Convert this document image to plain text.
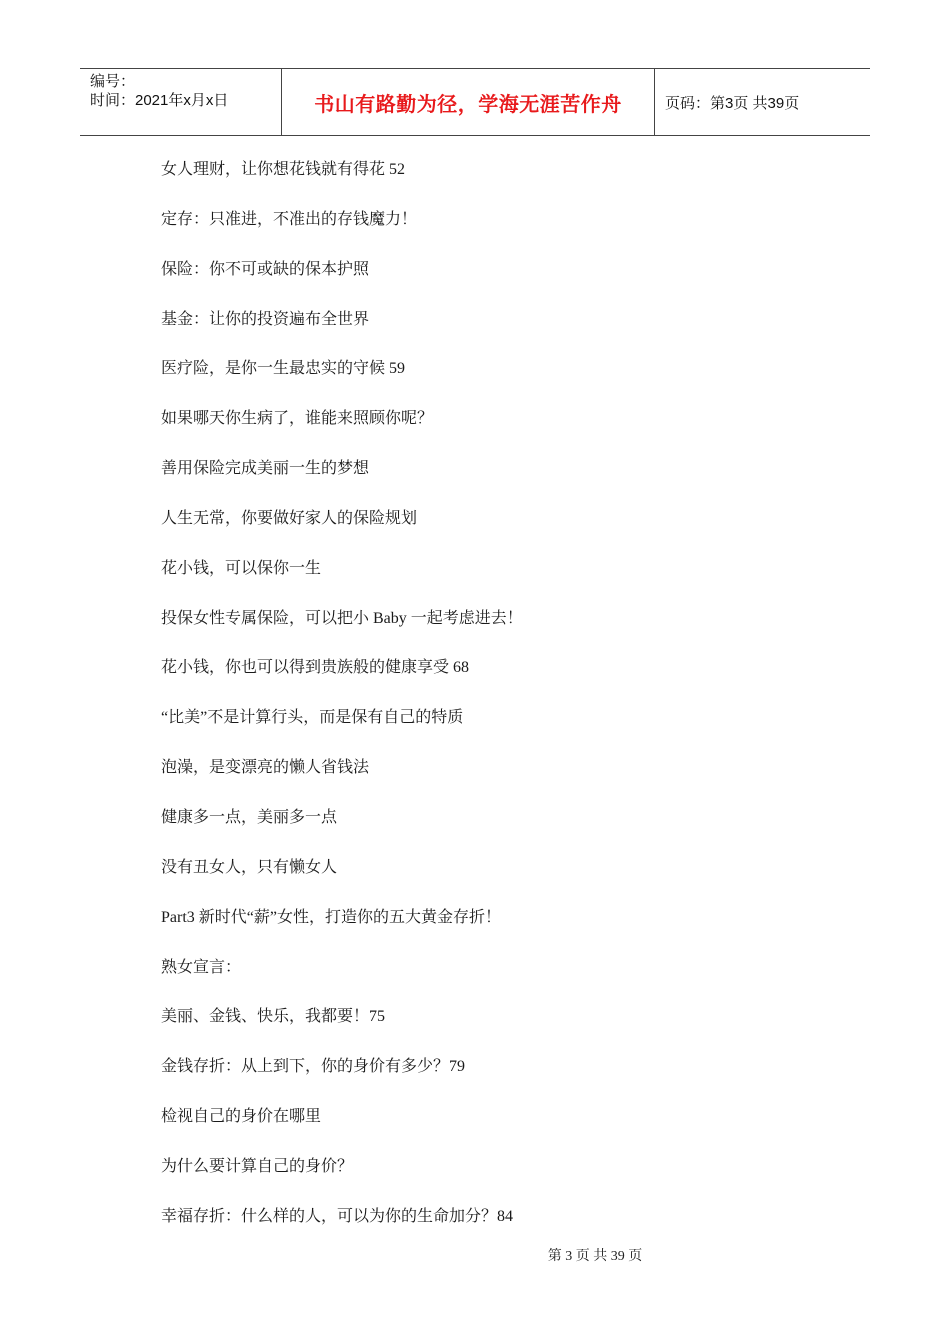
编号：
时间：2021年x月x日	书山有路勤为径，学海无涯苦作舟	页码：第3页 共39页
女人理财，让你想花钱就有得花 52
定存：只准进，不准出的存钱魔力！
保险：你不可或缺的保本护照
基金：让你的投资遍布全世界
医疗险，是你一生最忠实的守候 59
如果哪天你生病了，谁能来照顾你呢？
善用保险完成美丽一生的梦想
人生无常，你要做好家人的保险规划
花小钱，可以保你一生
投保女性专属保险，可以把小 Baby 一起考虑进去！
花小钱，你也可以得到贵族般的健康享受 68
“比美”不是计算行头，而是保有自己的特质
泡澡，是变漂亮的懒人省钱法
健康多一点，美丽多一点
没有丑女人，只有懒女人
Part3 新时代“薪”女性，打造你的五大黄金存折！
熟女宣言：
美丽、金钱、快乐，我都要！75
金钱存折：从上到下，你的身价有多少？79
检视自己的身价在哪里
为什么要计算自己的身价？
幸福存折：什么样的人，可以为你的生命加分？84
第 3 页 共 39 页
